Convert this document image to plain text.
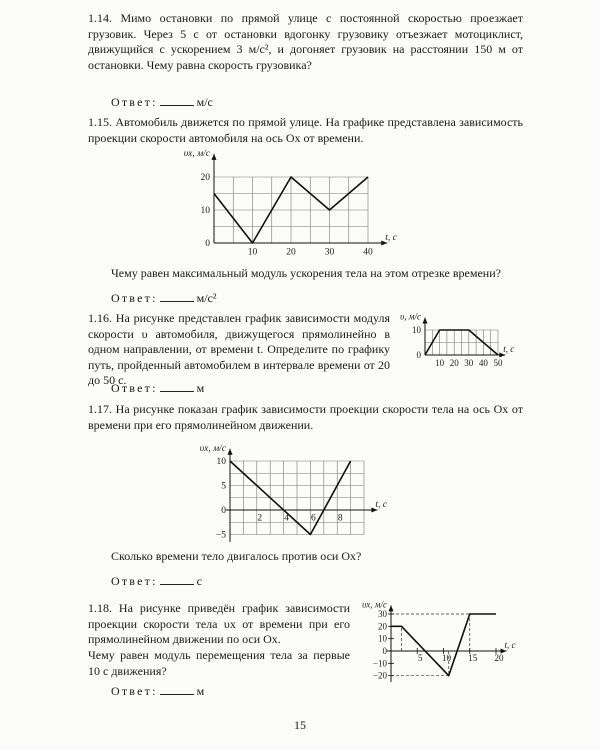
1.14. Мимо остановки по прямой улице с постоянной скоростью проезжает грузовик. Через 5 с от остановки вдогонку грузовику отъезжает мотоциклист, движущийся с ускорением 3 м/с², и догоняет грузовик на расстоянии 150 м от остановки. Чему равна скорость грузовика?

Ответ:	м/с

1.15. Автомобиль движется по прямой улице. На графике представлена зависимость проекции скорости автомобиля на ось Ox от времени.

10	20	30	40
10
20
0
υx, м/с
t, с
10 20 30 40 50
10
0
υ, м/с
t, с
2 4 6 8
10
5
−5
0
υx, м/с
t, с
5 10 15 20
30
20
10
−10
−20
0
υx, м/с
t, с
Чему равен максимальный модуль ускорения тела на этом отрезке времени?
Ответ:	м/с²

1.16. На рисунке представлен график зависимости модуля скорости υ автомобиля, движущегося прямолинейно в одном направлении, от времени t. Определите по графику путь, пройденный автомобилем в интервале времени от 20 до 50 с.

Ответ:	м

1.17. На рисунке показан график зависимости проекции скорости тела на ось Ox от времени при его прямолинейном движении.

Сколько времени тело двигалось против оси Ox?
Ответ:	с

1.18. На рисунке приведён график зависимости проекции скорости тела υx от времени при его прямолинейном движении по оси Ox.

Чему равен модуль перемещения тела за первые 10 с движения?

Ответ:	м
15
